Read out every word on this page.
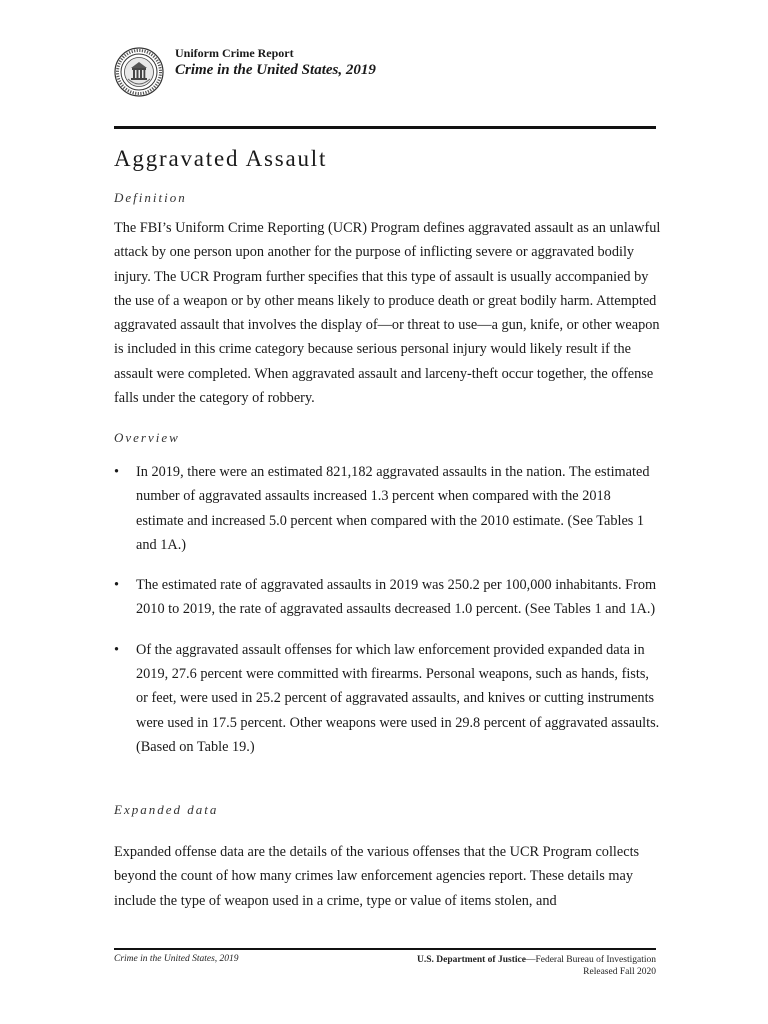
Uniform Crime Report
Crime in the United States, 2019
Aggravated Assault
Definition

The FBI’s Uniform Crime Reporting (UCR) Program defines aggravated assault as an unlawful attack by one person upon another for the purpose of inflicting severe or aggravated bodily injury. The UCR Program further specifies that this type of assault is usually accompanied by the use of a weapon or by other means likely to produce death or great bodily harm. Attempted aggravated assault that involves the display of—or threat to use—a gun, knife, or other weapon is included in this crime category because serious personal injury would likely result if the assault were completed. When aggravated assault and larceny-theft occur together, the offense falls under the category of robbery.

Overview
• In 2019, there were an estimated 821,182 aggravated assaults in the nation. The estimated number of aggravated assaults increased 1.3 percent when compared with the 2018 estimate and increased 5.0 percent when compared with the 2010 estimate. (See Tables 1 and 1A.)
• The estimated rate of aggravated assaults in 2019 was 250.2 per 100,000 inhabitants. From 2010 to 2019, the rate of aggravated assaults decreased 1.0 percent. (See Tables 1 and 1A.)
• Of the aggravated assault offenses for which law enforcement provided expanded data in 2019, 27.6 percent were committed with firearms. Personal weapons, such as hands, fists, or feet, were used in 25.2 percent of aggravated assaults, and knives or cutting instruments were used in 17.5 percent. Other weapons were used in 29.8 percent of aggravated assaults. (Based on Table 19.)
Expanded data

Expanded offense data are the details of the various offenses that the UCR Program collects beyond the count of how many crimes law enforcement agencies report. These details may include the type of weapon used in a crime, type or value of items stolen, and

Crime in the United States, 2019	U.S. Department of Justice—Federal Bureau of Investigation
Released Fall 2020
